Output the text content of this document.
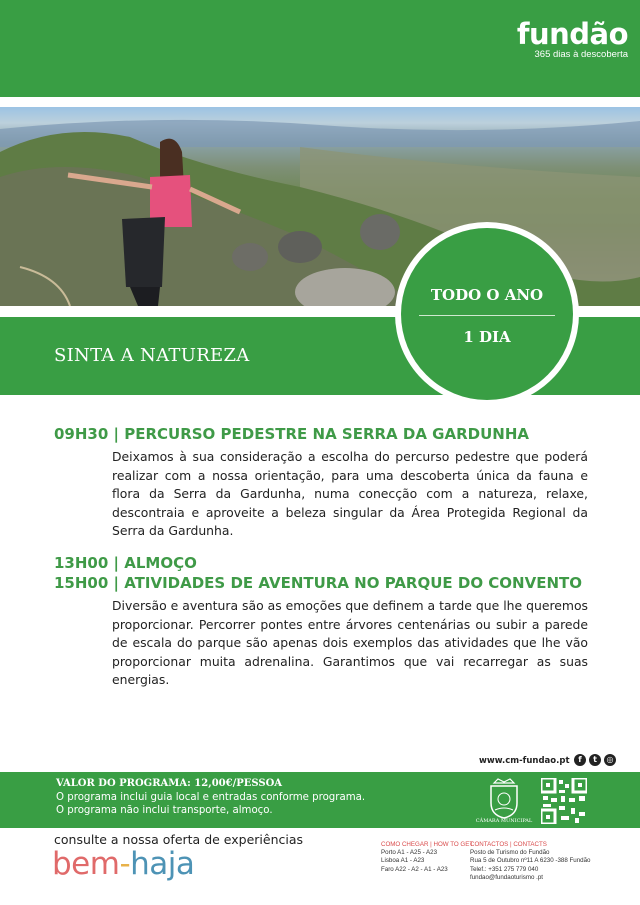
fundão
365 dias à descoberta
SINTA A NATUREZA
TODO O ANO
1 DIA
09H30 | PERCURSO PEDESTRE NA SERRA DA GARDUNHA

Deixamos à sua consideração a escolha do percurso pedestre que poderá realizar com a nossa orientação, para uma descoberta única da fauna e flora da Serra da Gardunha, numa conecção com a natureza, relaxe, descontraia e aproveite a beleza singular da Área Protegida Regional da Serra da Gardunha.

13H00 | ALMOÇO
15H00 | ATIVIDADES DE AVENTURA NO PARQUE DO CONVENTO

Diversão e aventura são as emoções que definem a tarde que lhe queremos proporcionar. Percorrer pontes entre árvores centenárias ou subir a parede de escala do parque são apenas dois exemplos das atividades que lhe vão proporcionar muita adrenalina. Garantimos que vai recarregar as suas energias.

www.cm-fundao.pt	f	t	◎
VALOR DO PROGRAMA: 12,00€/PESSOA
O programa inclui guia local e entradas conforme programa.
O programa não inclui transporte, almoço.
CÂMARA MUNICIPAL
consulte a nossa oferta de experiências
bem-haja
COMO CHEGAR | HOW TO GET
Porto A1 - A25 - A23
Lisboa A1 - A23
Faro A22 - A2 - A1 - A23
CONTACTOS | CONTACTS
Posto de Turismo do Fundão
Rua 5 de Outubro nº11 A 6230 -388 Fundão
Telef.: +351 275 779 040
fundao@fundaoturismo .pt
